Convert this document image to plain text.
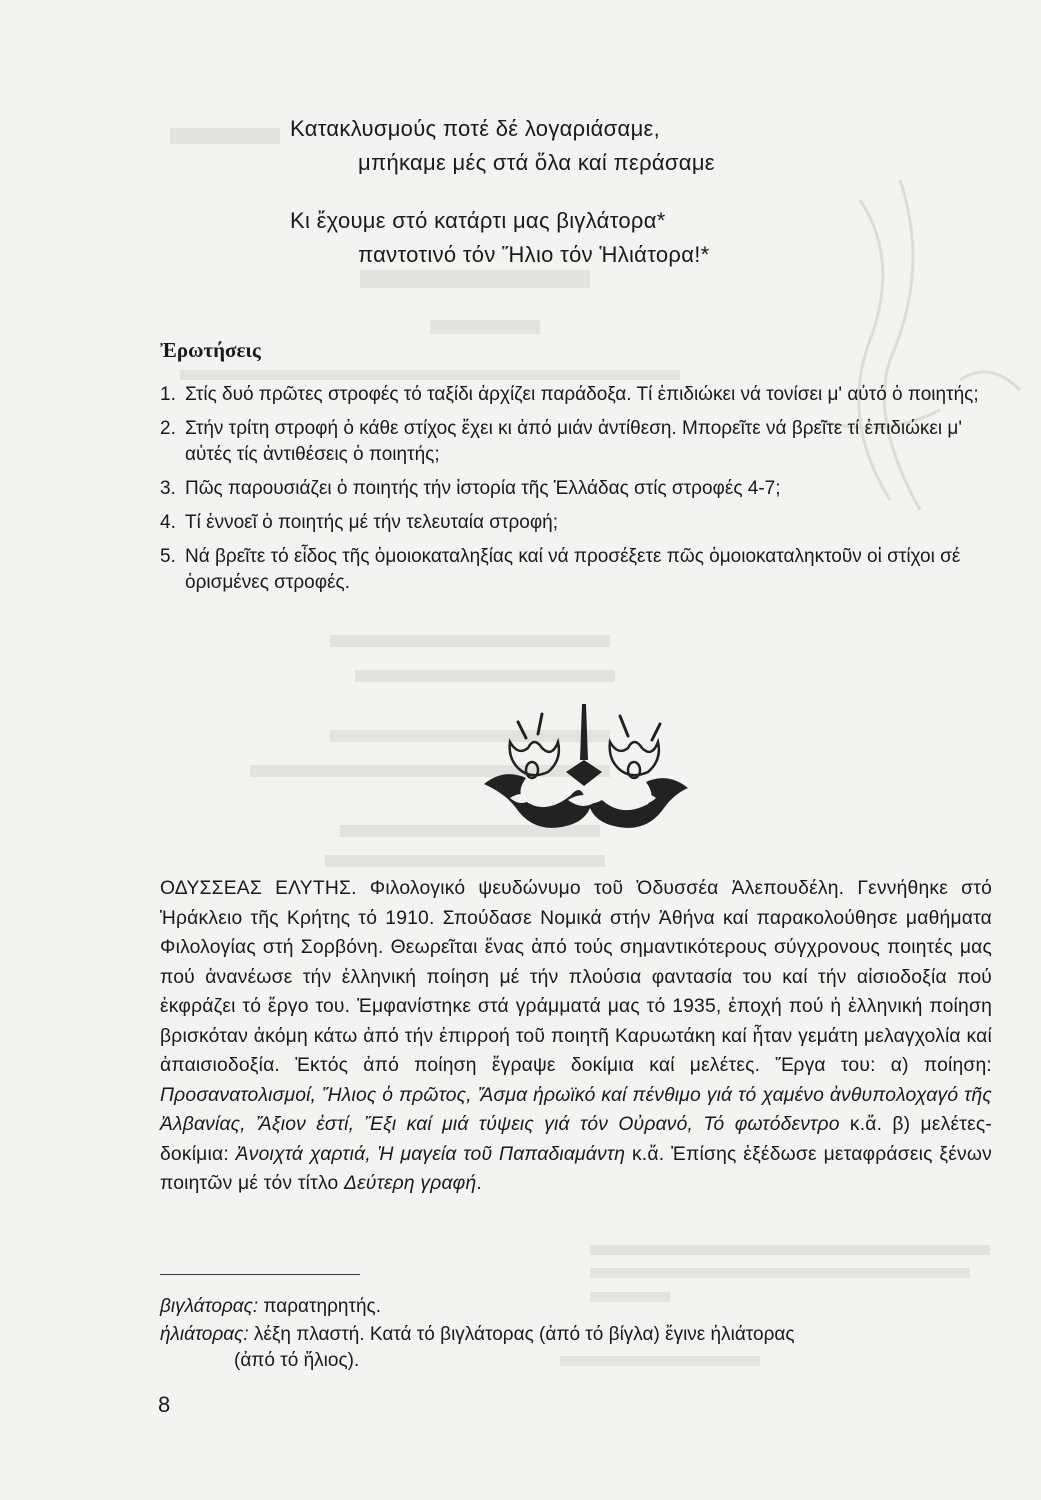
Κατακλυσμούς ποτέ δέ λογαριάσαμε,
μπήκαμε μές στά ὅλα καί περάσαμε
Κι ἔχουμε στό κατάρτι μας βιγλάτορα*
παντοτινό τόν Ἥλιο τόν Ἡλιάτορα!*
Ἐρωτήσεις
1. Στίς δυό πρῶτες στροφές τό ταξίδι ἀρχίζει παράδοξα. Τί ἐπιδιώκει νά τονίσει μ' αὐτό ὁ ποιητής;
2. Στήν τρίτη στροφή ὁ κάθε στίχος ἔχει κι ἀπό μιάν ἀντίθεση. Μπορεῖτε νά βρεῖτε τί ἐπιδιώκει μ' αὐτές τίς ἀντιθέσεις ὁ ποιητής;
3. Πῶς παρουσιάζει ὁ ποιητής τήν ἱστορία τῆς Ἑλλάδας στίς στροφές 4-7;
4. Τί ἐννοεῖ ὁ ποιητής μέ τήν τελευταία στροφή;
5. Νά βρεῖτε τό εἶδος τῆς ὁμοιοκαταληξίας καί νά προσέξετε πῶς ὁμοιοκαταληκτοῦν οἱ στίχοι σέ ὁρισμένες στροφές.
ΟΔΥΣΣΕΑΣ ΕΛΥΤΗΣ. Φιλολογικό ψευδώνυμο τοῦ Ὀδυσσέα Ἀλεπουδέλη. Γεννήθηκε στό Ἡράκλειο τῆς Κρήτης τό 1910. Σπούδασε Νομικά στήν Ἀθήνα καί παρακολούθησε μαθήματα Φιλολογίας στή Σορβόνη. Θεωρεῖται ἕνας ἀπό τούς σημαντικότερους σύγχρονους ποιητές μας πού ἀνανέωσε τήν ἑλληνική ποίηση μέ τήν πλούσια φαντασία του καί τήν αἰσιοδοξία πού ἐκφράζει τό ἔργο του. Ἐμφανίστηκε στά γράμματά μας τό 1935, ἐποχή πού ἡ ἑλληνική ποίηση βρισκόταν ἀκόμη κάτω ἀπό τήν ἐπιρροή τοῦ ποιητῆ Καρυωτάκη καί ἦταν γεμάτη μελαγχολία καί ἀπαισιοδοξία. Ἐκτός ἀπό ποίηση ἔγραψε δοκίμια καί μελέτες. Ἔργα του: α) ποίηση: Προσανατολισμοί, Ἥλιος ὁ πρῶτος, Ἄσμα ἡρωϊκό καί πένθιμο γιά τό χαμένο ἀνθυπολοχαγό τῆς Ἀλβανίας, Ἄξιον ἐστί, Ἔξι καί μιά τύψεις γιά τόν Οὐρανό, Τό φωτόδεντρο κ.ἄ. β) μελέτες-δοκίμια: Ἀνοιχτά χαρτιά, Ἡ μαγεία τοῦ Παπαδιαμάντη κ.ἄ. Ἐπίσης ἐξέδωσε μεταφράσεις ξένων ποιητῶν μέ τόν τίτλο Δεύτερη γραφή.
βιγλάτορας: παρατηρητής.
ἡλιάτορας: λέξη πλαστή. Κατά τό βιγλάτορας (ἀπό τό βίγλα) ἔγινε ἡλιάτορας
(ἀπό τό ἥλιος).
8
